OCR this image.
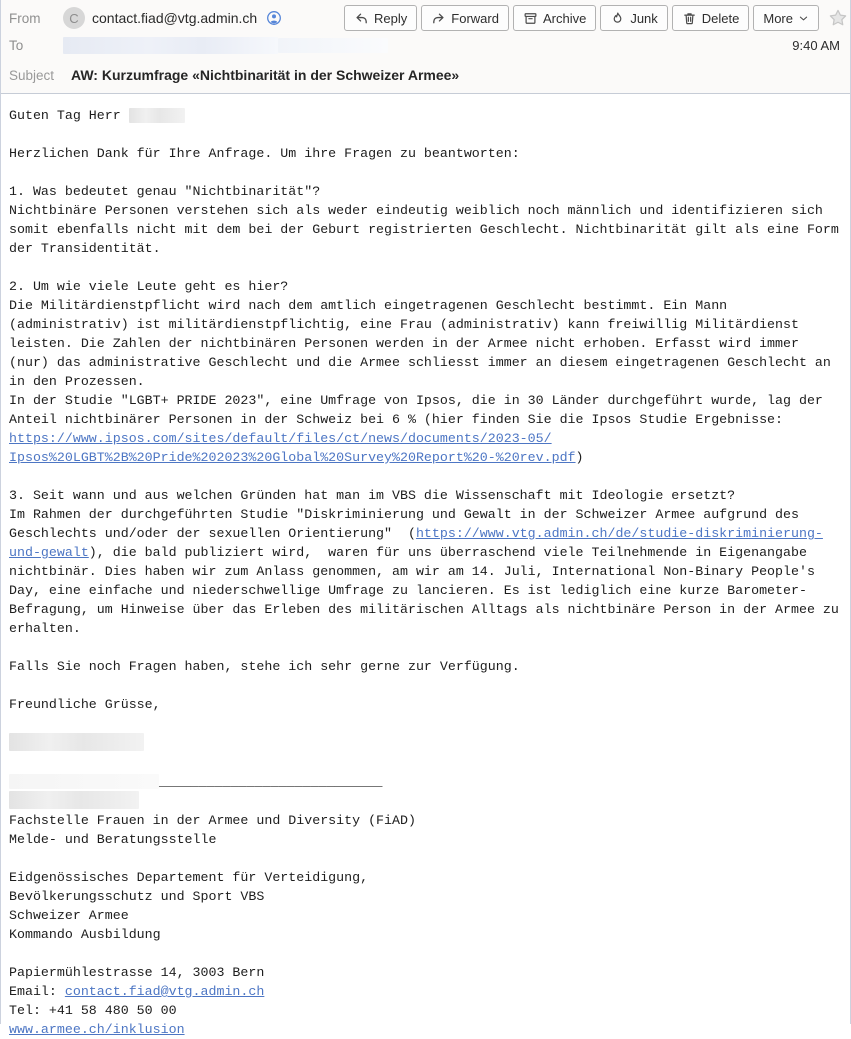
From	C contact.fiad@vtg.admin.ch	Reply	Forward	Archive	Junk	Delete More
To	9:40 AM
Subject	AW: Kurzumfrage «Nichtbinarität in der Schweizer Armee»
Guten Tag Herr

Herzlichen Dank für Ihre Anfrage. Um ihre Fragen zu beantworten:

1. Was bedeutet genau "Nichtbinarität"?
Nichtbinäre Personen verstehen sich als weder eindeutig weiblich noch männlich und identifizieren sich
somit ebenfalls nicht mit dem bei der Geburt registrierten Geschlecht. Nichtbinarität gilt als eine Form
der Transidentität.

2. Um wie viele Leute geht es hier?
Die Militärdienstpflicht wird nach dem amtlich eingetragenen Geschlecht bestimmt. Ein Mann
(administrativ) ist militärdienstpflichtig, eine Frau (administrativ) kann freiwillig Militärdienst
leisten. Die Zahlen der nichtbinären Personen werden in der Armee nicht erhoben. Erfasst wird immer
(nur) das administrative Geschlecht und die Armee schliesst immer an diesem eingetragenen Geschlecht an
in den Prozessen.
In der Studie "LGBT+ PRIDE 2023", eine Umfrage von Ipsos, die in 30 Länder durchgeführt wurde, lag der
Anteil nichtbinärer Personen in der Schweiz bei 6 % (hier finden Sie die Ipsos Studie Ergebnisse:
https://www.ipsos.com/sites/default/files/ct/news/documents/2023-05/
Ipsos%20LGBT%2B%20Pride%202023%20Global%20Survey%20Report%20-%20rev.pdf)

3. Seit wann und aus welchen Gründen hat man im VBS die Wissenschaft mit Ideologie ersetzt?
Im Rahmen der durchgeführten Studie "Diskriminierung und Gewalt in der Schweizer Armee aufgrund des
Geschlechts und/oder der sexuellen Orientierung"  (https://www.vtg.admin.ch/de/studie-diskriminierung-
und-gewalt), die bald publiziert wird,  waren für uns überraschend viele Teilnehmende in Eigenangabe
nichtbinär. Dies haben wir zum Anlass genommen, am wir am 14. Juli, International Non-Binary People's
Day, eine einfache und niederschwellige Umfrage zu lancieren. Es ist lediglich eine kurze Barometer-
Befragung, um Hinweise über das Erleben des militärischen Alltags als nichtbinäre Person in der Armee zu
erhalten.

Falls Sie noch Fragen haben, stehe ich sehr gerne zur Verfügung.

Freundliche Grüsse,

____________________________
Fachstelle Frauen in der Armee und Diversity (FiAD)
Melde- und Beratungsstelle

Eidgenössisches Departement für Verteidigung,
Bevölkerungsschutz und Sport VBS
Schweizer Armee
Kommando Ausbildung

Papiermühlestrasse 14, 3003 Bern
Email: contact.fiad@vtg.admin.ch
Tel: +41 58 480 50 00
www.armee.ch/inklusion
